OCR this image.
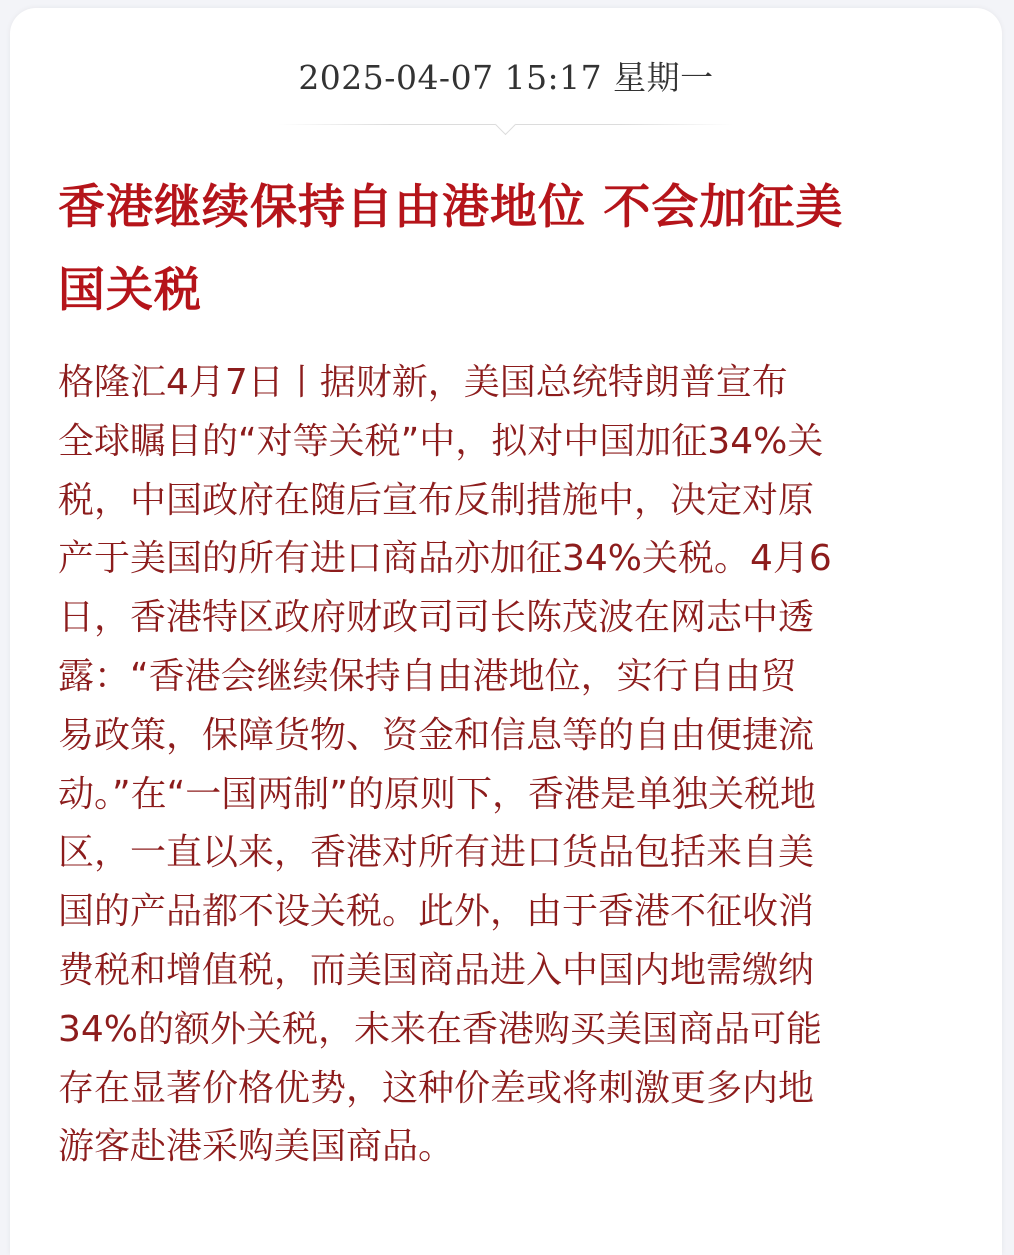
2025-04-07 15:17 星期一
香港继续保持自由港地位 不会加征美
国关税
格隆汇4月7日丨据财新，美国总统特朗普宣布
全球瞩目的“对等关税”中，拟对中国加征34%关
税，中国政府在随后宣布反制措施中，决定对原
产于美国的所有进口商品亦加征34%关税。4月6
日，香港特区政府财政司司长陈茂波在网志中透
露：“香港会继续保持自由港地位，实行自由贸
易政策，保障货物、资金和信息等的自由便捷流
动。”在“一国两制”的原则下，香港是单独关税地
区，一直以来，香港对所有进口货品包括来自美
国的产品都不设关税。此外，由于香港不征收消
费税和增值税，而美国商品进入中国内地需缴纳
34%的额外关税，未来在香港购买美国商品可能
存在显著价格优势，这种价差或将刺激更多内地
游客赴港采购美国商品。
